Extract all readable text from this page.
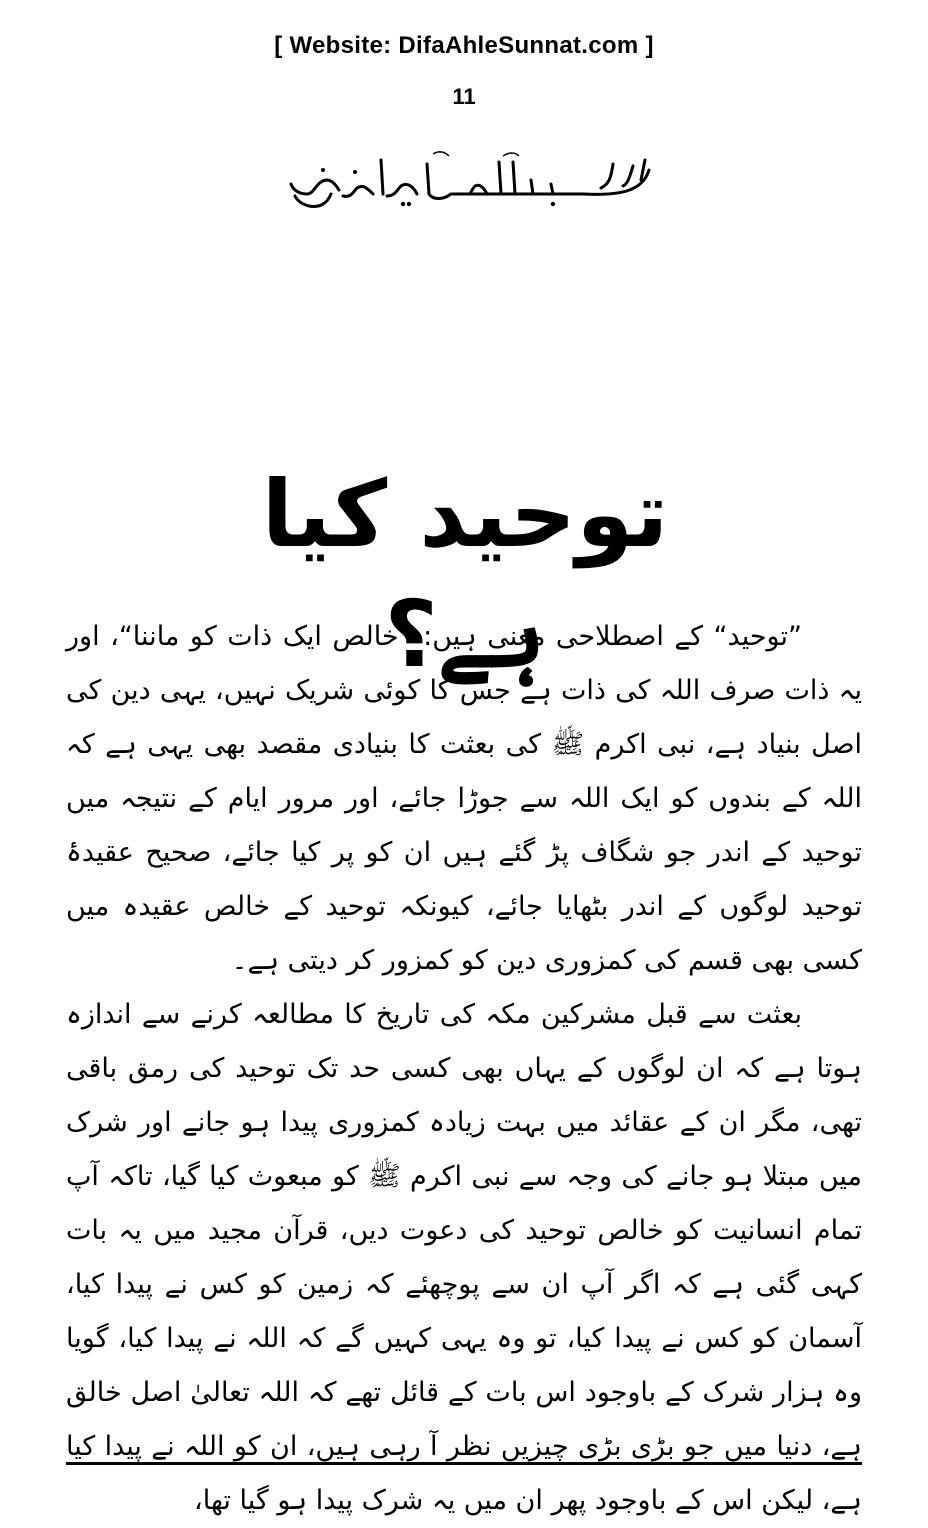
[ Website: DifaAhleSunnat.com ]
11
توحید کیا ہے؟

”توحید“ کے اصطلاحی معنی ہیں: ”خالص ایک ذات کو ماننا“، اور یہ ذات صرف اللہ کی ذات ہے جس کا کوئی شریک نہیں، یہی دین کی اصل بنیاد ہے، نبی اکرم ﷺ کی بعثت کا بنیادی مقصد بھی یہی ہے کہ اللہ کے بندوں کو ایک اللہ سے جوڑا جائے، اور مرور ایام کے نتیجہ میں توحید کے اندر جو شگاف پڑ گئے ہیں ان کو پر کیا جائے، صحیح عقیدۂ توحید لوگوں کے اندر بٹھایا جائے، کیونکہ توحید کے خالص عقیدہ میں کسی بھی قسم کی کمزوری دین کو کمزور کر دیتی ہے۔

بعثت سے قبل مشرکین مکہ کی تاریخ کا مطالعہ کرنے سے اندازہ ہوتا ہے کہ ان لوگوں کے یہاں بھی کسی حد تک توحید کی رمق باقی تھی، مگر ان کے عقائد میں بہت زیادہ کمزوری پیدا ہو جانے اور شرک میں مبتلا ہو جانے کی وجہ سے نبی اکرم ﷺ کو مبعوث کیا گیا، تاکہ آپ تمام انسانیت کو خالص توحید کی دعوت دیں، قرآن مجید میں یہ بات کہی گئی ہے کہ اگر آپ ان سے پوچھئے کہ زمین کو کس نے پیدا کیا، آسمان کو کس نے پیدا کیا، تو وہ یہی کہیں گے کہ اللہ نے پیدا کیا، گویا وہ ہزار شرک کے باوجود اس بات کے قائل تھے کہ اللہ تعالیٰ اصل خالق ہے، دنیا میں جو بڑی بڑی چیزیں نظر آ رہی ہیں، ان کو اللہ نے پیدا کیا ہے، لیکن اس کے باوجود پھر ان میں یہ شرک پیدا ہو گیا تھا،
